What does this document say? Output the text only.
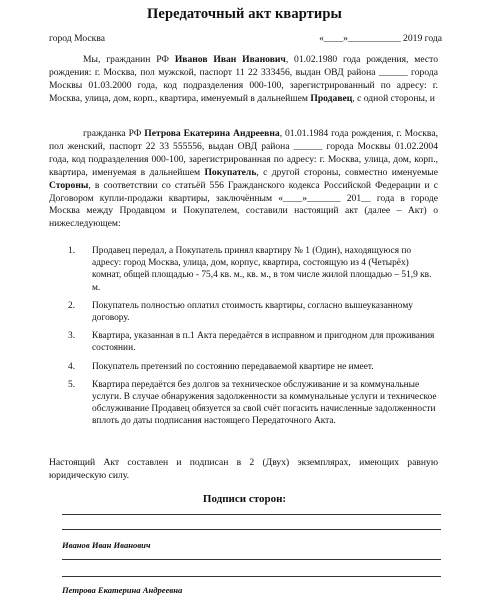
Передаточный акт квартиры
город Москва	«____»___________ 2019 года

Мы, гражданин РФ Иванов Иван Иванович, 01.02.1980 года рождения, место рождения: г. Москва, пол мужской, паспорт 11 22 333456, выдан ОВД района ______ города Москвы 01.03.2000 года, код подразделения 000-100, зарегистрированный по адресу: г. Москва, улица, дом, корп., квартира, именуемый в дальнейшем Продавец, с одной стороны, и

гражданка РФ Петрова Екатерина Андреевна, 01.01.1984 года рождения, г. Москва, пол женский, паспорт 22 33 555556, выдан ОВД района ______ города Москвы 01.02.2004 года, код подразделения 000-100, зарегистрированная по адресу: г. Москва, улица, дом, корп., квартира, именуемая в дальнейшем Покупатель, с другой стороны, совместно именуемые Стороны, в соответствии со статьёй 556 Гражданского кодекса Российской Федерации и с Договором купли-продажи квартиры, заключённым «____»_______ 201__ года в городе Москва между Продавцом и Покупателем, составили настоящий акт (далее – Акт) о нижеследующем:

1. Продавец передал, а Покупатель принял квартиру № 1 (Один), находящуюся по адресу: город Москва, улица, дом, корпус, квартира, состоящую из 4 (Четырёх) комнат, общей площадью - 75,4 кв. м., кв. м., в том числе жилой площадью – 51,9 кв. м.
2. Покупатель полностью оплатил стоимость квартиры, согласно вышеуказанному договору.
3. Квартира, указанная в п.1 Акта передаётся в исправном и пригодном для проживания состоянии.
4. Покупатель претензий по состоянию передаваемой квартире не имеет.
5. Квартира передаётся без долгов за техническое обслуживание и за коммунальные услуги. В случае обнаружения задолженности за коммунальные услуги и техническое обслуживание Продавец обязуется за свой счёт погасить начисленные задолженности вплоть до даты подписания настоящего Передаточного Акта.

Настоящий Акт составлен и подписан в 2 (Двух) экземплярах, имеющих равную юридическую силу.

Подписи сторон:
Иванов Иван Иванович
Петрова Екатерина Андреевна
